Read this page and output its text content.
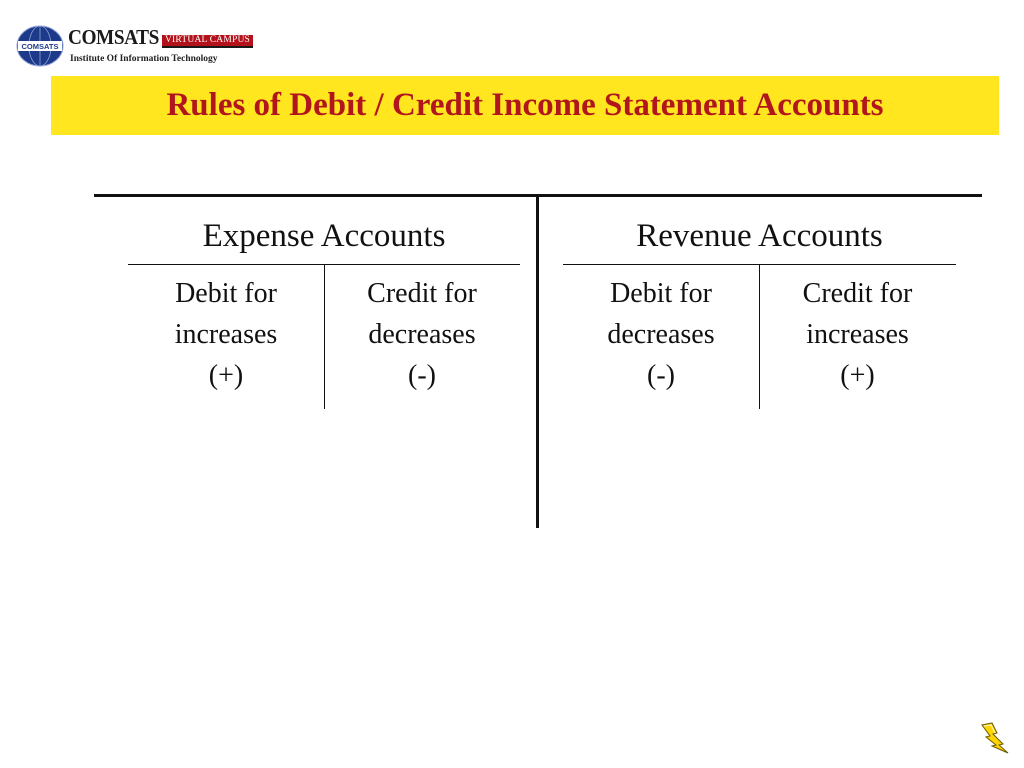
COMSATS COMSATS VIRTUAL CAMPUS
Institute Of Information Technology
Rules of Debit / Credit Income Statement Accounts
Expense Accounts
Debit for
increases
(+)
Credit for
decreases
(-)
Revenue Accounts
Debit for
decreases
(-)
Credit for
increases
(+)
